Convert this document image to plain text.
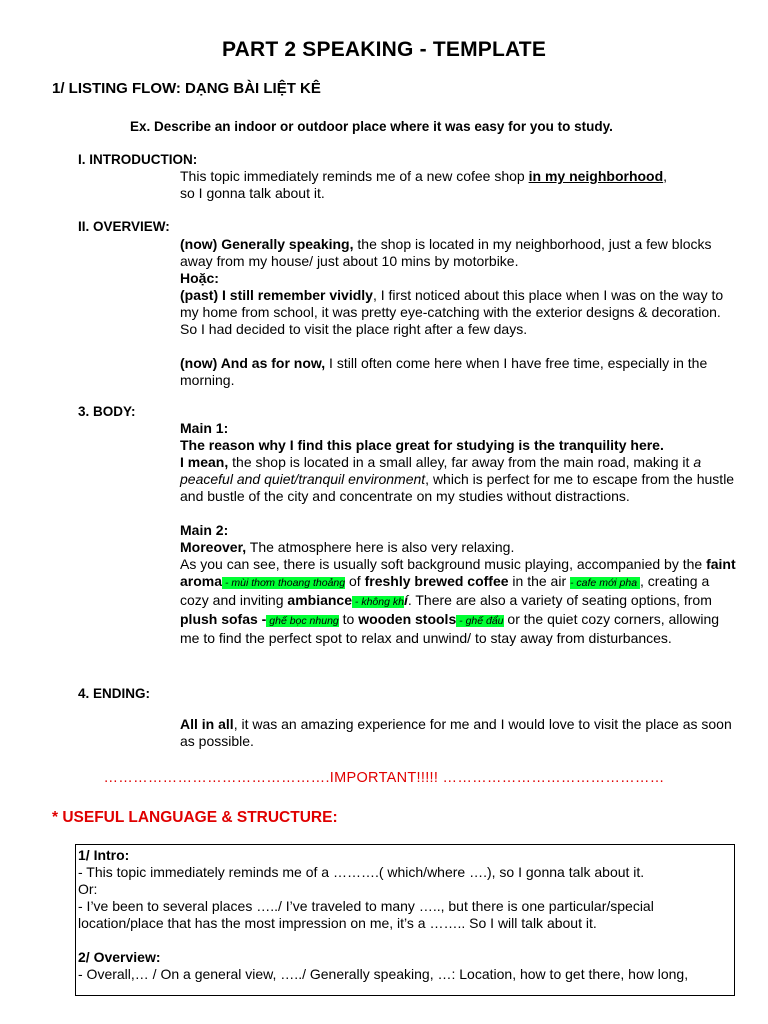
PART 2 SPEAKING - TEMPLATE
1/ LISTING FLOW: DẠNG BÀI LIỆT KÊ
Ex. Describe an indoor or outdoor place where it was easy for you to study.
I. INTRODUCTION:

This topic immediately reminds me of a new cofee shop in my neighborhood,

so I gonna talk about it.

II. OVERVIEW:

(now) Generally speaking, the shop is located in my neighborhood, just a few blocks away from my house/ just about 10 mins by motorbike.

Hoặc:

(past) I still remember vividly, I first noticed about this place when I was on the way to my home from school, it was pretty eye-catching with the exterior designs & decoration. So I had decided to visit the place right after a few days.

(now) And as for now, I still often come here when I have free time, especially in the morning.

3. BODY:

Main 1:

The reason why I find this place great for studying is the tranquility here.

I mean, the shop is located in a small alley, far away from the main road, making it a peaceful and quiet/tranquil environment, which is perfect for me to escape from the hustle and bustle of the city and concentrate on my studies without distractions.

Main 2:

Moreover, The atmosphere here is also very relaxing.

As you can see, there is usually soft background music playing, accompanied by the faint aroma - mùi thơm thoang thoảng of freshly brewed coffee in the air - cafe mới pha , creating a cozy and inviting ambiance - không khí. There are also a variety of seating options, from plush sofas - ghế bọc nhung to wooden stools - ghế đẩu or the quiet cozy corners, allowing me to find the perfect spot to relax and unwind/ to stay away from disturbances.

4. ENDING:

All in all, it was an amazing experience for me and I would love to visit the place as soon as possible.

……………………………………….IMPORTANT!!!!! ………………………………………
* USEFUL LANGUAGE & STRUCTURE:

1/ Intro:

- This topic immediately reminds me of a ……….( which/where ….), so I gonna talk about it.

Or:

- I’ve been to several places …../ I’ve traveled to many ….., but there is one particular/special location/place that has the most impression on me, it’s a …….. So I will talk about it.

2/ Overview:

- Overall,… / On a general view, …../ Generally speaking, …: Location, how to get there, how long,
